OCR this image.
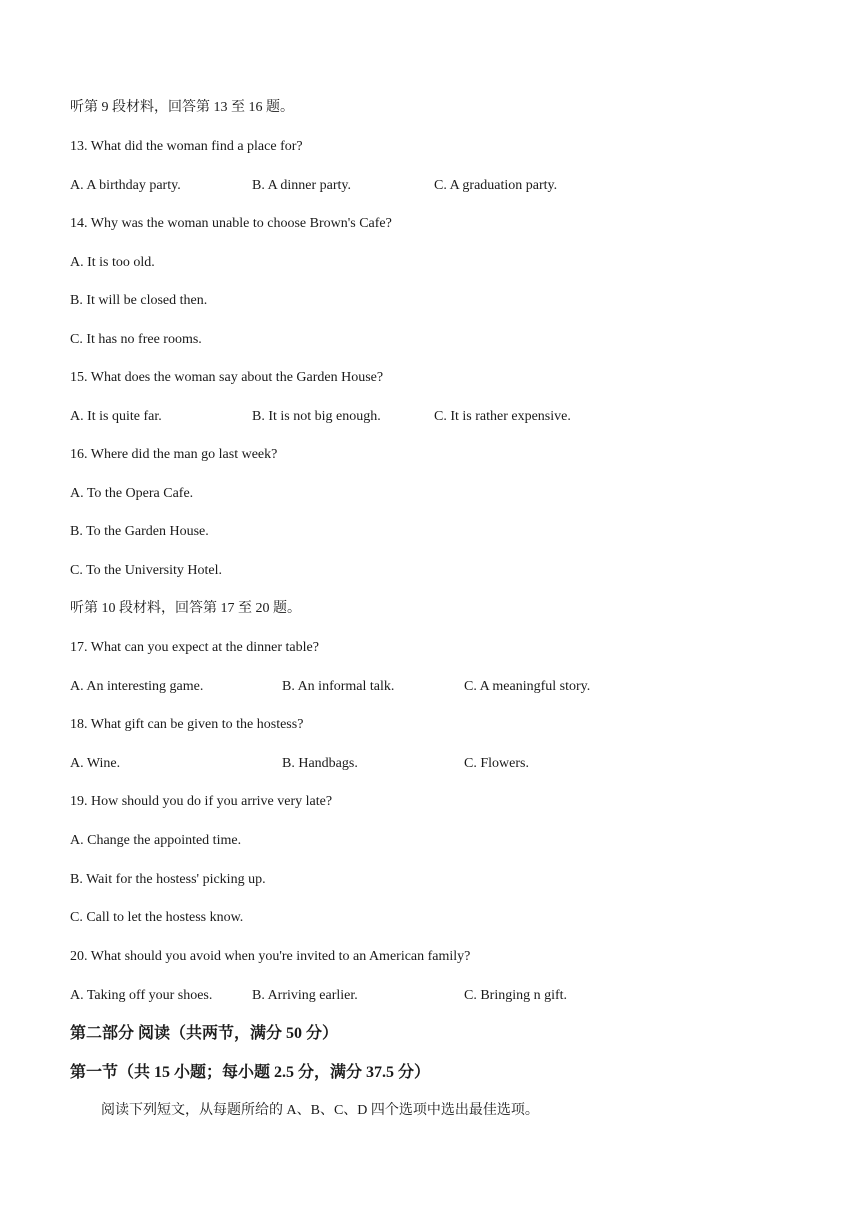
听第 9 段材料，回答第 13 至 16 题。
13. What did the woman find a place for?
A. A birthday party.	B. A dinner party.	C. A graduation party.
14. Why was the woman unable to choose Brown's Cafe?
A. It is too old.
B. It will be closed then.
C. It has no free rooms.
15. What does the woman say about the Garden House?
A. It is quite far.	B. It is not big enough.	C. It is rather expensive.
16. Where did the man go last week?
A. To the Opera Cafe.
B. To the Garden House.
C. To the University Hotel.
听第 10 段材料，回答第 17 至 20 题。
17. What can you expect at the dinner table?
A. An interesting game.	B. An informal talk.	C. A meaningful story.
18. What gift can be given to the hostess?
A. Wine.	B. Handbags.	C. Flowers.
19. How should you do if you arrive very late?
A. Change the appointed time.
B. Wait for the hostess' picking up.
C. Call to let the hostess know.
20. What should you avoid when you're invited to an American family?
A. Taking off your shoes.	B. Arriving earlier.	C. Bringing n gift.
第二部分 阅读（共两节，满分 50 分）
第一节（共 15 小题；每小题 2.5 分，满分 37.5 分）
阅读下列短文，从每题所给的 A、B、C、D 四个选项中选出最佳选项。
